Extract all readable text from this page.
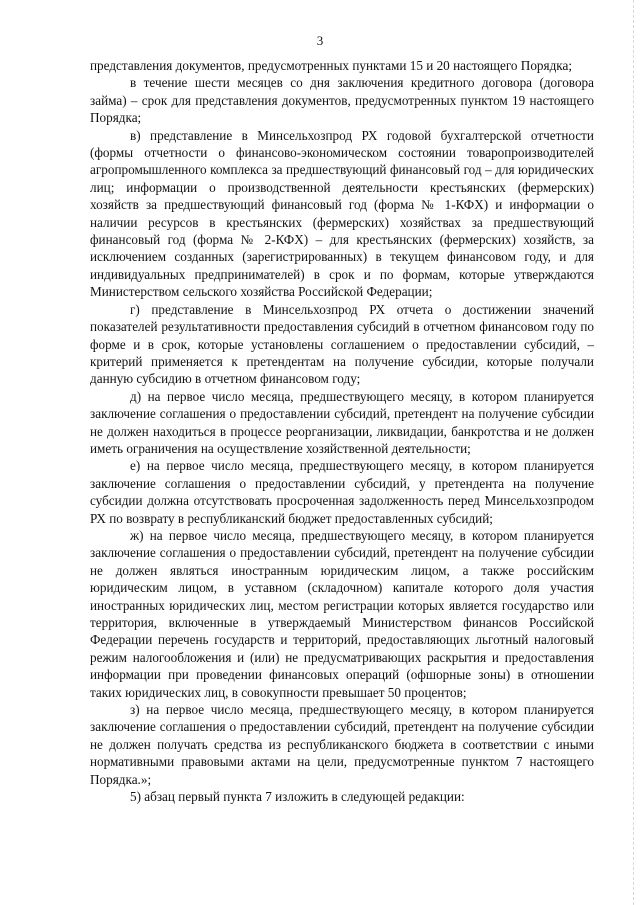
3

представления документов, предусмотренных пунктами 15 и 20 настоящего Порядка;

в течение шести месяцев со дня заключения кредитного договора (договора займа) – срок для представления документов, предусмотренных пунктом 19 настоящего Порядка;

в) представление в Минсельхозпрод РХ годовой бухгалтерской отчетности (формы отчетности о финансово-экономическом состоянии товаропроизводителей агропромышленного комплекса за предшествующий финансовый год – для юридических лиц; информации о производственной деятельности крестьянских (фермерских) хозяйств за предшествующий финансовый год (форма № 1-КФХ) и информации о наличии ресурсов в крестьянских (фермерских) хозяйствах за предшествующий финансовый год (форма № 2-КФХ) – для крестьянских (фермерских) хозяйств, за исключением созданных (зарегистрированных) в текущем финансовом году, и для индивидуальных предпринимателей) в срок и по формам, которые утверждаются Министерством сельского хозяйства Российской Федерации;

г) представление в Минсельхозпрод РХ отчета о достижении значений показателей результативности предоставления субсидий в отчетном финансовом году по форме и в срок, которые установлены соглашением о предоставлении субсидий, – критерий применяется к претендентам на получение субсидии, которые получали данную субсидию в отчетном финансовом году;

д) на первое число месяца, предшествующего месяцу, в котором планируется заключение соглашения о предоставлении субсидий, претендент на получение субсидии не должен находиться в процессе реорганизации, ликвидации, банкротства и не должен иметь ограничения на осуществление хозяйственной деятельности;

е) на первое число месяца, предшествующего месяцу, в котором планируется заключение соглашения о предоставлении субсидий, у претендента на получение субсидии должна отсутствовать просроченная задолженность перед Минсельхозпродом РХ по возврату в республиканский бюджет предоставленных субсидий;

ж) на первое число месяца, предшествующего месяцу, в котором планируется заключение соглашения о предоставлении субсидий, претендент на получение субсидии не должен являться иностранным юридическим лицом, а также российским юридическим лицом, в уставном (складочном) капитале которого доля участия иностранных юридических лиц, местом регистрации которых является государство или территория, включенные в утверждаемый Министерством финансов Российской Федерации перечень государств и территорий, предоставляющих льготный налоговый режим налогообложения и (или) не предусматривающих раскрытия и предоставления информации при проведении финансовых операций (офшорные зоны) в отношении таких юридических лиц, в совокупности превышает 50 процентов;

з) на первое число месяца, предшествующего месяцу, в котором планируется заключение соглашения о предоставлении субсидий, претендент на получение субсидии не должен получать средства из республиканского бюджета в соответствии с иными нормативными правовыми актами на цели, предусмотренные пунктом 7 настоящего Порядка.»;

5) абзац первый пункта 7 изложить в следующей редакции:
